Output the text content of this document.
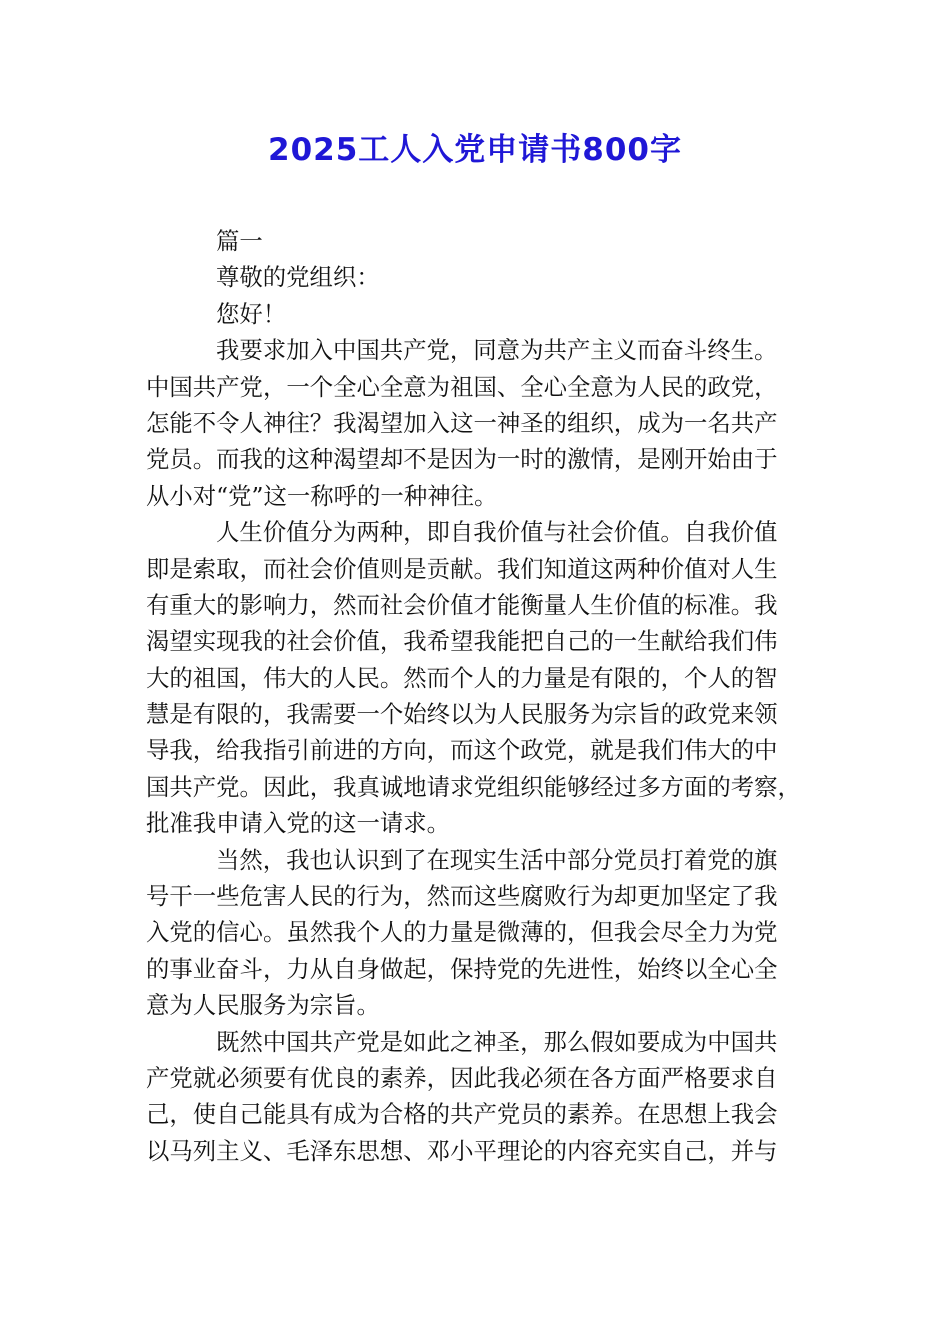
2025工人入党申请书800字
篇一
尊敬的党组织：
您好！
我要求加入中国共产党，同意为共产主义而奋斗终生。
中国共产党，一个全心全意为祖国、全心全意为人民的政党，
怎能不令人神往？我渴望加入这一神圣的组织，成为一名共产
党员。而我的这种渴望却不是因为一时的激情，是刚开始由于
从小对“党”这一称呼的一种神往。
人生价值分为两种，即自我价值与社会价值。自我价值
即是索取，而社会价值则是贡献。我们知道这两种价值对人生
有重大的影响力，然而社会价值才能衡量人生价值的标准。我
渴望实现我的社会价值，我希望我能把自己的一生献给我们伟
大的祖国，伟大的人民。然而个人的力量是有限的，个人的智
慧是有限的，我需要一个始终以为人民服务为宗旨的政党来领
导我，给我指引前进的方向，而这个政党，就是我们伟大的中
国共产党。因此，我真诚地请求党组织能够经过多方面的考察，
批准我申请入党的这一请求。
当然，我也认识到了在现实生活中部分党员打着党的旗
号干一些危害人民的行为，然而这些腐败行为却更加坚定了我
入党的信心。虽然我个人的力量是微薄的，但我会尽全力为党
的事业奋斗，力从自身做起，保持党的先进性，始终以全心全
意为人民服务为宗旨。
既然中国共产党是如此之神圣，那么假如要成为中国共
产党就必须要有优良的素养，因此我必须在各方面严格要求自
己，使自己能具有成为合格的共产党员的素养。在思想上我会
以马列主义、毛泽东思想、邓小平理论的内容充实自己，并与
